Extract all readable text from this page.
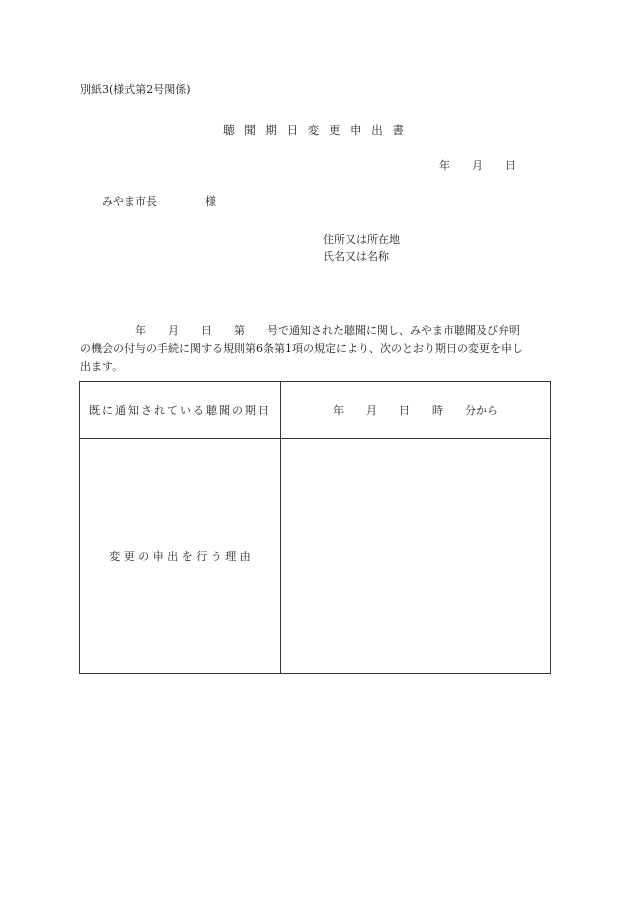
別紙3(様式第2号関係)
聴 聞 期 日 変 更 申 出 書
年 月 日
みやま市長	様
住所又は所在地
氏名又は名称
　　　　　年　　月　　日　　第　　号で通知された聴聞に関し、みやま市聴聞及び弁明
の機会の付与の手続に関する規則第6条第1項の規定により、次のとおり期日の変更を申し
出ます。
既に通知されている聴聞の期日	年　　月　　日　　時　　分から
変 更 の 申 出 を 行 う 理 由	
